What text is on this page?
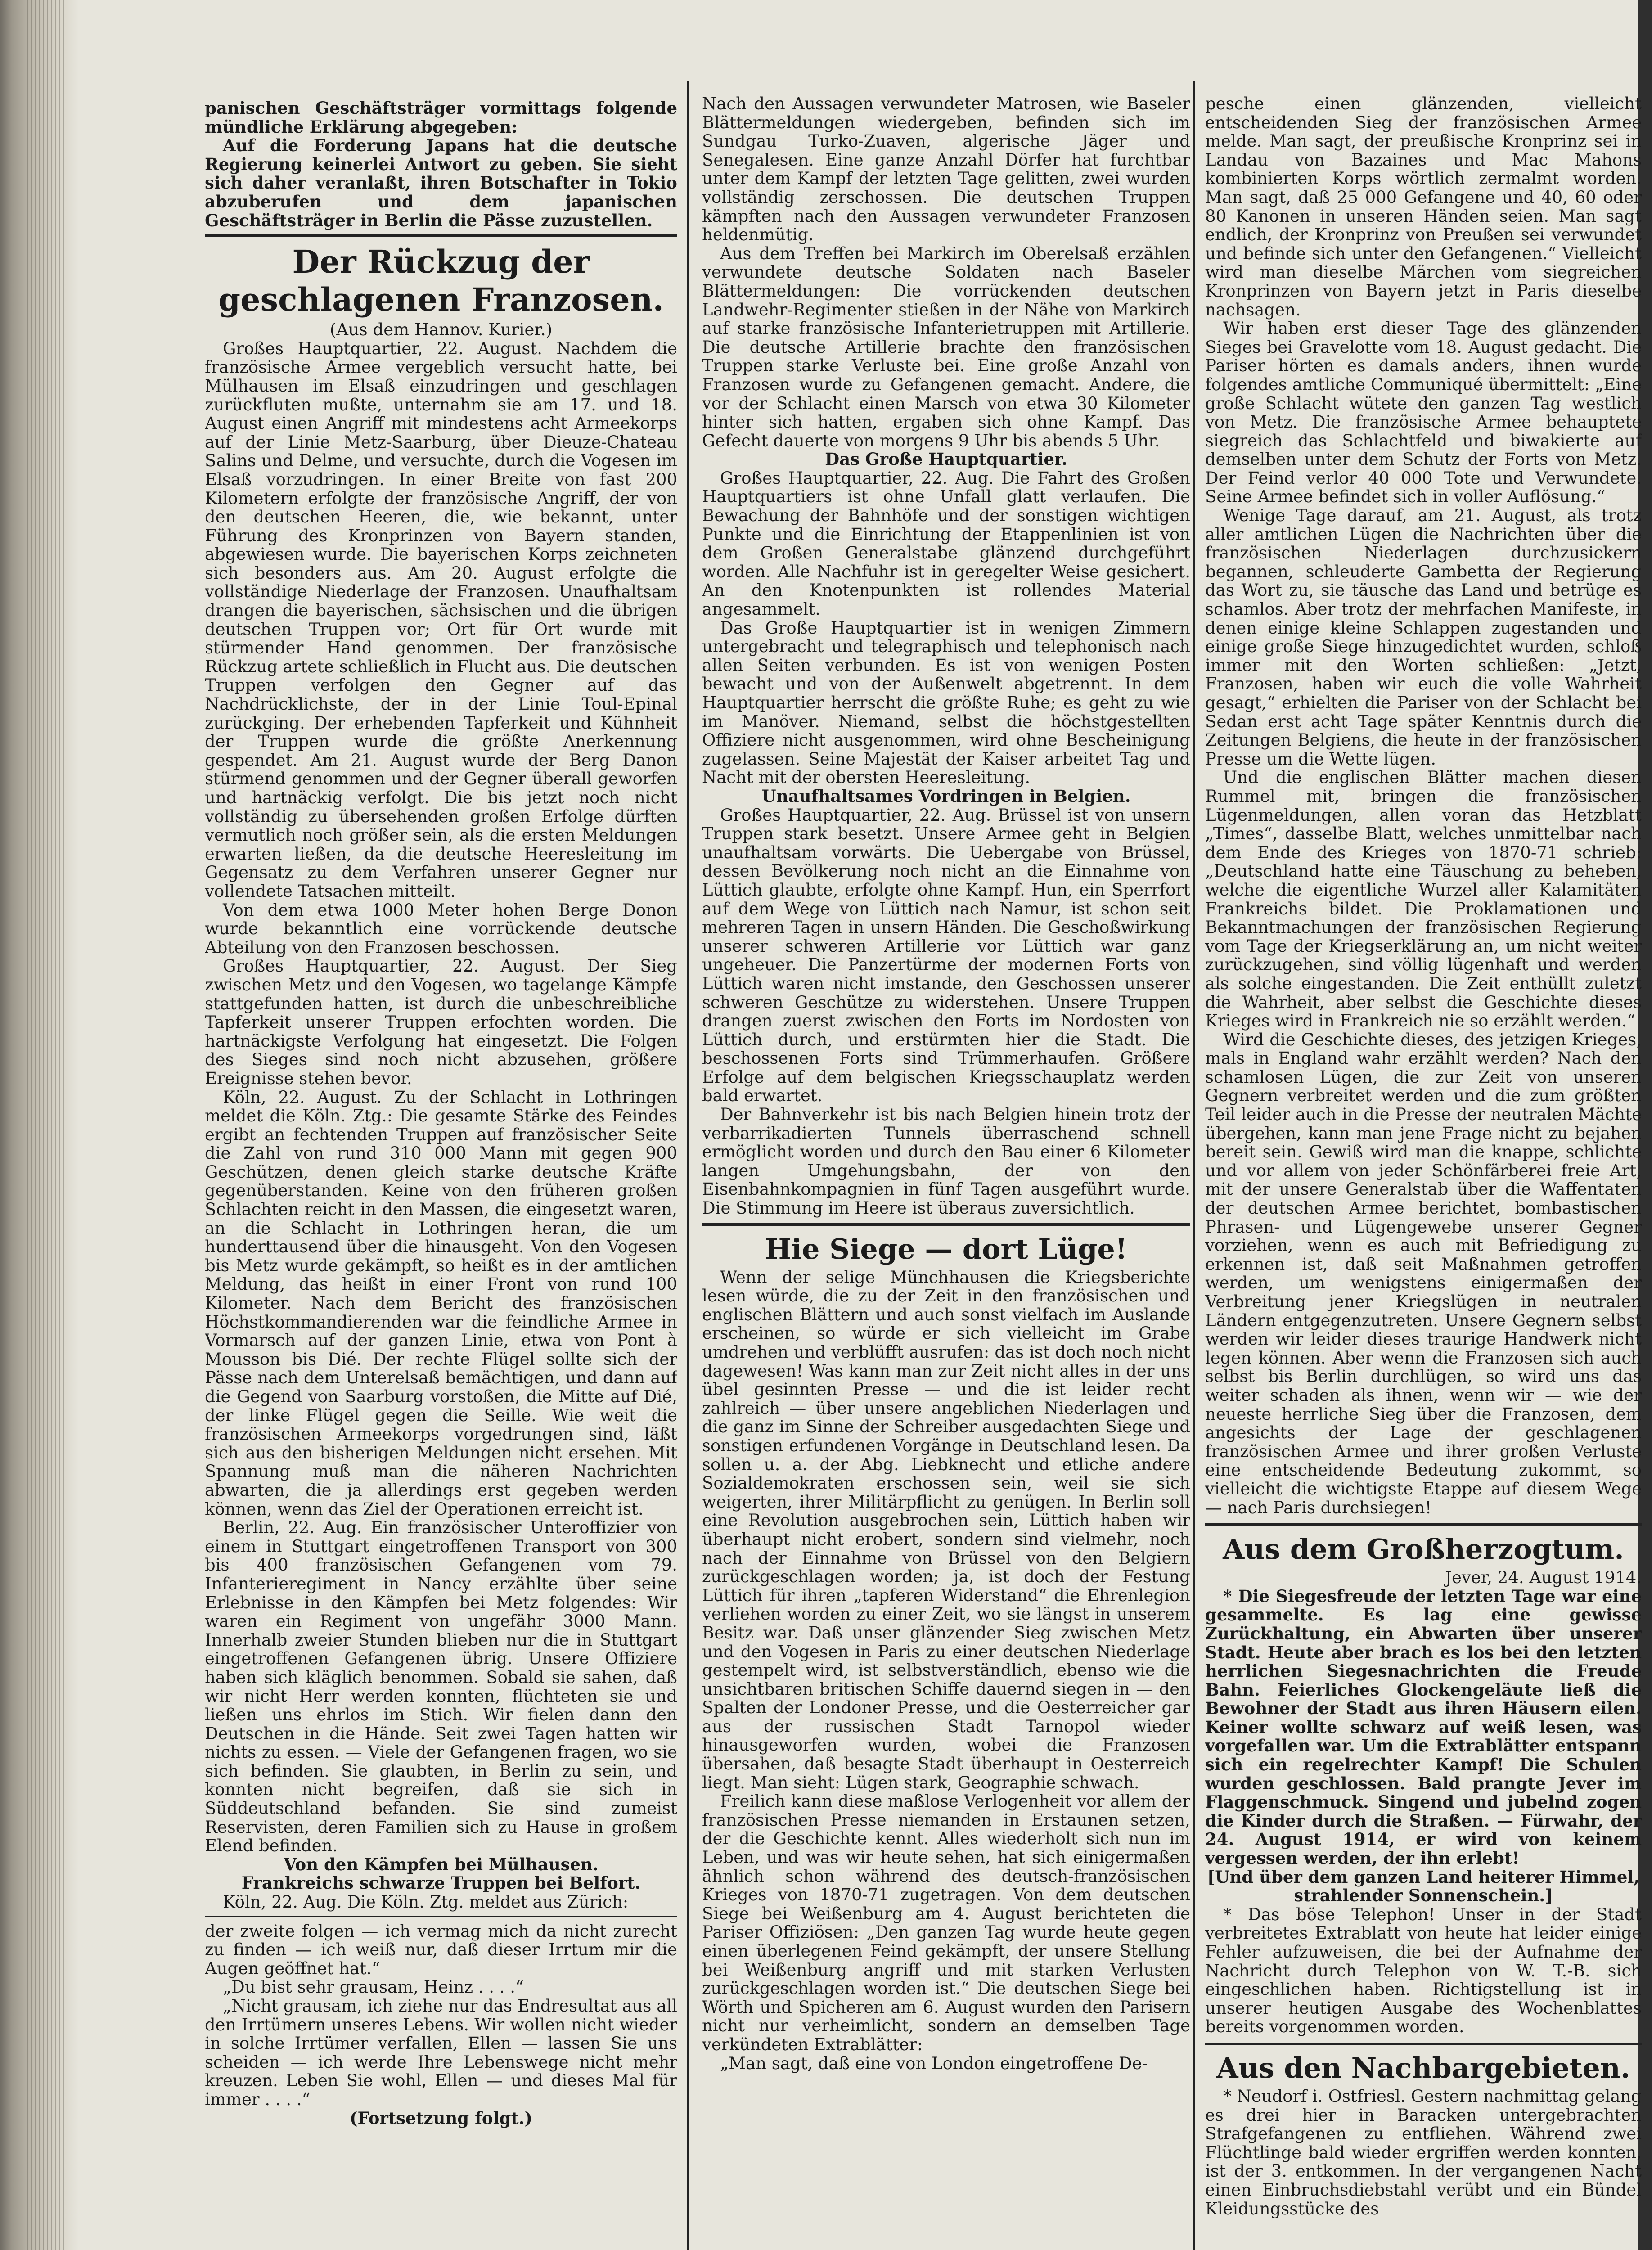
panischen Geschäftsträger vormittags folgende mündliche Erklärung abgegeben:

Auf die Forderung Japans hat die deutsche Regierung keinerlei Antwort zu geben. Sie sieht sich daher veranlaßt, ihren Botschafter in Tokio abzuberufen und dem japanischen Geschäftsträger in Berlin die Pässe zuzustellen.

Der Rückzug der geschlagenen Franzosen.

(Aus dem Hannov. Kurier.)

Großes Hauptquartier, 22. August. Nachdem die französische Armee vergeblich versucht hatte, bei Mülhausen im Elsaß einzudringen und geschlagen zurückfluten mußte, unternahm sie am 17. und 18. August einen Angriff mit mindestens acht Armeekorps auf der Linie Metz-Saarburg, über Dieuze-Chateau Salins und Delme, und versuchte, durch die Vogesen im Elsaß vorzudringen. In einer Breite von fast 200 Kilometern erfolgte der französische Angriff, der von den deutschen Heeren, die, wie bekannt, unter Führung des Kronprinzen von Bayern standen, abgewiesen wurde. Die bayerischen Korps zeichneten sich besonders aus. Am 20. August erfolgte die vollständige Niederlage der Franzosen. Unaufhaltsam drangen die bayerischen, sächsischen und die übrigen deutschen Truppen vor; Ort für Ort wurde mit stürmender Hand genommen. Der französische Rückzug artete schließlich in Flucht aus. Die deutschen Truppen verfolgen den Gegner auf das Nachdrücklichste, der in der Linie Toul-Epinal zurückging. Der erhebenden Tapferkeit und Kühnheit der Truppen wurde die größte Anerkennung gespendet. Am 21. August wurde der Berg Danon stürmend genommen und der Gegner überall geworfen und hartnäckig verfolgt. Die bis jetzt noch nicht vollständig zu übersehenden großen Erfolge dürften vermutlich noch größer sein, als die ersten Meldungen erwarten ließen, da die deutsche Heeresleitung im Gegensatz zu dem Verfahren unserer Gegner nur vollendete Tatsachen mitteilt.

Von dem etwa 1000 Meter hohen Berge Donon wurde bekanntlich eine vorrückende deutsche Abteilung von den Franzosen beschossen.

Großes Hauptquartier, 22. August. Der Sieg zwischen Metz und den Vogesen, wo tagelange Kämpfe stattgefunden hatten, ist durch die unbeschreibliche Tapferkeit unserer Truppen erfochten worden. Die hartnäckigste Verfolgung hat eingesetzt. Die Folgen des Sieges sind noch nicht abzusehen, größere Ereignisse stehen bevor.

Köln, 22. August. Zu der Schlacht in Lothringen meldet die Köln. Ztg.: Die gesamte Stärke des Feindes ergibt an fechtenden Truppen auf französischer Seite die Zahl von rund 310 000 Mann mit gegen 900 Geschützen, denen gleich starke deutsche Kräfte gegenüberstanden. Keine von den früheren großen Schlachten reicht in den Massen, die eingesetzt waren, an die Schlacht in Lothringen heran, die um hunderttausend über die hinausgeht. Von den Vogesen bis Metz wurde gekämpft, so heißt es in der amtlichen Meldung, das heißt in einer Front von rund 100 Kilometer. Nach dem Bericht des französischen Höchstkommandierenden war die feindliche Armee in Vormarsch auf der ganzen Linie, etwa von Pont à Mousson bis Dié. Der rechte Flügel sollte sich der Pässe nach dem Unterelsaß bemächtigen, und dann auf die Gegend von Saarburg vorstoßen, die Mitte auf Dié, der linke Flügel gegen die Seille. Wie weit die französischen Armeekorps vorgedrungen sind, läßt sich aus den bisherigen Meldungen nicht ersehen. Mit Spannung muß man die näheren Nachrichten abwarten, die ja allerdings erst gegeben werden können, wenn das Ziel der Operationen erreicht ist.

Berlin, 22. Aug. Ein französischer Unteroffizier von einem in Stuttgart eingetroffenen Transport von 300 bis 400 französischen Gefangenen vom 79. Infanterieregiment in Nancy erzählte über seine Erlebnisse in den Kämpfen bei Metz folgendes: Wir waren ein Regiment von ungefähr 3000 Mann. Innerhalb zweier Stunden blieben nur die in Stuttgart eingetroffenen Gefangenen übrig. Unsere Offiziere haben sich kläglich benommen. Sobald sie sahen, daß wir nicht Herr werden konnten, flüchteten sie und ließen uns ehrlos im Stich. Wir fielen dann den Deutschen in die Hände. Seit zwei Tagen hatten wir nichts zu essen. — Viele der Gefangenen fragen, wo sie sich befinden. Sie glaubten, in Berlin zu sein, und konnten nicht begreifen, daß sie sich in Süddeutschland befanden. Sie sind zumeist Reservisten, deren Familien sich zu Hause in großem Elend befinden.

Von den Kämpfen bei Mülhausen.

Frankreichs schwarze Truppen bei Belfort.

Köln, 22. Aug. Die Köln. Ztg. meldet aus Zürich:

der zweite folgen — ich vermag mich da nicht zurecht zu finden — ich weiß nur, daß dieser Irrtum mir die Augen geöffnet hat.“

„Du bist sehr grausam, Heinz . . . .“

„Nicht grausam, ich ziehe nur das Endresultat aus all den Irrtümern unseres Lebens. Wir wollen nicht wieder in solche Irrtümer verfallen, Ellen — lassen Sie uns scheiden — ich werde Ihre Lebenswege nicht mehr kreuzen. Leben Sie wohl, Ellen — und dieses Mal für immer . . . .“

(Fortsetzung folgt.)

Nach den Aussagen verwundeter Matrosen, wie Baseler Blättermeldungen wiedergeben, befinden sich im Sundgau Turko-Zuaven, algerische Jäger und Senegalesen. Eine ganze Anzahl Dörfer hat furchtbar unter dem Kampf der letzten Tage gelitten, zwei wurden vollständig zerschossen. Die deutschen Truppen kämpften nach den Aussagen verwundeter Franzosen heldenmütig.

Aus dem Treffen bei Markirch im Oberelsaß erzählen verwundete deutsche Soldaten nach Baseler Blättermeldungen: Die vorrückenden deutschen Landwehr-Regimenter stießen in der Nähe von Markirch auf starke französische Infanterietruppen mit Artillerie. Die deutsche Artillerie brachte den französischen Truppen starke Verluste bei. Eine große Anzahl von Franzosen wurde zu Gefangenen gemacht. Andere, die vor der Schlacht einen Marsch von etwa 30 Kilometer hinter sich hatten, ergaben sich ohne Kampf. Das Gefecht dauerte von morgens 9 Uhr bis abends 5 Uhr.

Das Große Hauptquartier.

Großes Hauptquartier, 22. Aug. Die Fahrt des Großen Hauptquartiers ist ohne Unfall glatt verlaufen. Die Bewachung der Bahnhöfe und der sonstigen wichtigen Punkte und die Einrichtung der Etappenlinien ist von dem Großen Generalstabe glänzend durchgeführt worden. Alle Nachfuhr ist in geregelter Weise gesichert. An den Knotenpunkten ist rollendes Material angesammelt.

Das Große Hauptquartier ist in wenigen Zimmern untergebracht und telegraphisch und telephonisch nach allen Seiten verbunden. Es ist von wenigen Posten bewacht und von der Außenwelt abgetrennt. In dem Hauptquartier herrscht die größte Ruhe; es geht zu wie im Manöver. Niemand, selbst die höchstgestellten Offiziere nicht ausgenommen, wird ohne Bescheinigung zugelassen. Seine Majestät der Kaiser arbeitet Tag und Nacht mit der obersten Heeresleitung.

Unaufhaltsames Vordringen in Belgien.

Großes Hauptquartier, 22. Aug. Brüssel ist von unsern Truppen stark besetzt. Unsere Armee geht in Belgien unaufhaltsam vorwärts. Die Uebergabe von Brüssel, dessen Bevölkerung noch nicht an die Einnahme von Lüttich glaubte, erfolgte ohne Kampf. Hun, ein Sperrfort auf dem Wege von Lüttich nach Namur, ist schon seit mehreren Tagen in unsern Händen. Die Geschoßwirkung unserer schweren Artillerie vor Lüttich war ganz ungeheuer. Die Panzertürme der modernen Forts von Lüttich waren nicht imstande, den Geschossen unserer schweren Geschütze zu widerstehen. Unsere Truppen drangen zuerst zwischen den Forts im Nordosten von Lüttich durch, und erstürmten hier die Stadt. Die beschossenen Forts sind Trümmerhaufen. Größere Erfolge auf dem belgischen Kriegsschauplatz werden bald erwartet.

Der Bahnverkehr ist bis nach Belgien hinein trotz der verbarrikadierten Tunnels überraschend schnell ermöglicht worden und durch den Bau einer 6 Kilometer langen Umgehungsbahn, der von den Eisenbahnkompagnien in fünf Tagen ausgeführt wurde. Die Stimmung im Heere ist überaus zuversichtlich.

Hie Siege — dort Lüge!

Wenn der selige Münchhausen die Kriegsberichte lesen würde, die zu der Zeit in den französischen und englischen Blättern und auch sonst vielfach im Auslande erscheinen, so würde er sich vielleicht im Grabe umdrehen und verblüfft ausrufen: das ist doch noch nicht dagewesen! Was kann man zur Zeit nicht alles in der uns übel gesinnten Presse — und die ist leider recht zahlreich — über unsere angeblichen Niederlagen und die ganz im Sinne der Schreiber ausgedachten Siege und sonstigen erfundenen Vorgänge in Deutschland lesen. Da sollen u. a. der Abg. Liebknecht und etliche andere Sozialdemokraten erschossen sein, weil sie sich weigerten, ihrer Militärpflicht zu genügen. In Berlin soll eine Revolution ausgebrochen sein, Lüttich haben wir überhaupt nicht erobert, sondern sind vielmehr, noch nach der Einnahme von Brüssel von den Belgiern zurückgeschlagen worden; ja, ist doch der Festung Lüttich für ihren „tapferen Widerstand“ die Ehrenlegion verliehen worden zu einer Zeit, wo sie längst in unserem Besitz war. Daß unser glänzender Sieg zwischen Metz und den Vogesen in Paris zu einer deutschen Niederlage gestempelt wird, ist selbstverständlich, ebenso wie die unsichtbaren britischen Schiffe dauernd siegen in — den Spalten der Londoner Presse, und die Oesterreicher gar aus der russischen Stadt Tarnopol wieder hinausgeworfen wurden, wobei die Franzosen übersahen, daß besagte Stadt überhaupt in Oesterreich liegt. Man sieht: Lügen stark, Geographie schwach.

Freilich kann diese maßlose Verlogenheit vor allem der französischen Presse niemanden in Erstaunen setzen, der die Geschichte kennt. Alles wiederholt sich nun im Leben, und was wir heute sehen, hat sich einigermaßen ähnlich schon während des deutsch-französischen Krieges von 1870-71 zugetragen. Von dem deutschen Siege bei Weißenburg am 4. August berichteten die Pariser Offiziösen: „Den ganzen Tag wurde heute gegen einen überlegenen Feind gekämpft, der unsere Stellung bei Weißenburg angriff und mit starken Verlusten zurückgeschlagen worden ist.“ Die deutschen Siege bei Wörth und Spicheren am 6. August wurden den Parisern nicht nur verheimlicht, sondern an demselben Tage verkündeten Extrablätter:

„Man sagt, daß eine von London eingetroffene De-

pesche einen glänzenden, vielleicht entscheidenden Sieg der französischen Armee melde. Man sagt, der preußische Kronprinz sei in Landau von Bazaines und Mac Mahons kombinierten Korps wörtlich zermalmt worden. Man sagt, daß 25 000 Gefangene und 40, 60 oder 80 Kanonen in unseren Händen seien. Man sagt endlich, der Kronprinz von Preußen sei verwundet und befinde sich unter den Gefangenen.“ Vielleicht wird man dieselbe Märchen vom siegreichen Kronprinzen von Bayern jetzt in Paris dieselbe nachsagen.

Wir haben erst dieser Tage des glänzenden Sieges bei Gravelotte vom 18. August gedacht. Die Pariser hörten es damals anders, ihnen wurde folgendes amtliche Communiqué übermittelt: „Eine große Schlacht wütete den ganzen Tag westlich von Metz. Die französische Armee behauptete siegreich das Schlachtfeld und biwakierte auf demselben unter dem Schutz der Forts von Metz. Der Feind verlor 40 000 Tote und Verwundete. Seine Armee befindet sich in voller Auflösung.“

Wenige Tage darauf, am 21. August, als trotz aller amtlichen Lügen die Nachrichten über die französischen Niederlagen durchzusickern begannen, schleuderte Gambetta der Regierung das Wort zu, sie täusche das Land und betrüge es schamlos. Aber trotz der mehrfachen Manifeste, in denen einige kleine Schlappen zugestanden und einige große Siege hinzugedichtet wurden, schloß immer mit den Worten schließen: „Jetzt, Franzosen, haben wir euch die volle Wahrheit gesagt,“ erhielten die Pariser von der Schlacht bei Sedan erst acht Tage später Kenntnis durch die Zeitungen Belgiens, die heute in der französischen Presse um die Wette lügen.

Und die englischen Blätter machen diesen Rummel mit, bringen die französischen Lügenmeldungen, allen voran das Hetzblatt „Times“, dasselbe Blatt, welches unmittelbar nach dem Ende des Krieges von 1870-71 schrieb: „Deutschland hatte eine Täuschung zu beheben, welche die eigentliche Wurzel aller Kalamitäten Frankreichs bildet. Die Proklamationen und Bekanntmachungen der französischen Regierung vom Tage der Kriegserklärung an, um nicht weiter zurückzugehen, sind völlig lügenhaft und werden als solche eingestanden. Die Zeit enthüllt zuletzt die Wahrheit, aber selbst die Geschichte dieses Krieges wird in Frankreich nie so erzählt werden.“

Wird die Geschichte dieses, des jetzigen Krieges, mals in England wahr erzählt werden? Nach den schamlosen Lügen, die zur Zeit von unseren Gegnern verbreitet werden und die zum größten Teil leider auch in die Presse der neutralen Mächte übergehen, kann man jene Frage nicht zu bejahen bereit sein. Gewiß wird man die knappe, schlichte und vor allem von jeder Schönfärberei freie Art, mit der unsere Generalstab über die Waffentaten der deutschen Armee berichtet, bombastischen Phrasen- und Lügengewebe unserer Gegner vorziehen, wenn es auch mit Befriedigung zu erkennen ist, daß seit Maßnahmen getroffen werden, um wenigstens einigermaßen der Verbreitung jener Kriegslügen in neutralen Ländern entgegenzutreten. Unsere Gegnern selbst werden wir leider dieses traurige Handwerk nicht legen können. Aber wenn die Franzosen sich auch selbst bis Berlin durchlügen, so wird uns das weiter schaden als ihnen, wenn wir — wie der neueste herrliche Sieg über die Franzosen, dem angesichts der Lage der geschlagenen französischen Armee und ihrer großen Verluste eine entscheidende Bedeutung zukommt, so vielleicht die wichtigste Etappe auf diesem Wege — nach Paris durchsiegen!

Aus dem Großherzogtum.

Jever, 24. August 1914.

* Die Siegesfreude der letzten Tage war eine gesammelte. Es lag eine gewisse Zurückhaltung, ein Abwarten über unserer Stadt. Heute aber brach es los bei den letzten herrlichen Siegesnachrichten die Freude Bahn. Feierliches Glockengeläute ließ die Bewohner der Stadt aus ihren Häusern eilen. Keiner wollte schwarz auf weiß lesen, was vorgefallen war. Um die Extrablätter entspann sich ein regelrechter Kampf! Die Schulen wurden geschlossen. Bald prangte Jever im Flaggenschmuck. Singend und jubelnd zogen die Kinder durch die Straßen. — Fürwahr, der 24. August 1914, er wird von keinem vergessen werden, der ihn erlebt!

[Und über dem ganzen Land heiterer Himmel, strahlender Sonnenschein.]

* Das böse Telephon! Unser in der Stadt verbreitetes Extrablatt von heute hat leider einige Fehler aufzuweisen, die bei der Aufnahme der Nachricht durch Telephon von W. T.-B. sich eingeschlichen haben. Richtigstellung ist in unserer heutigen Ausgabe des Wochenblattes bereits vorgenommen worden.

Aus den Nachbargebieten.

* Neudorf i. Ostfriesl. Gestern nachmittag gelang es drei hier in Baracken untergebrachten Strafgefangenen zu entfliehen. Während zwei Flüchtlinge bald wieder ergriffen werden konnten, ist der 3. entkommen. In der vergangenen Nacht einen Einbruchsdiebstahl verübt und ein Bündel Kleidungsstücke des
